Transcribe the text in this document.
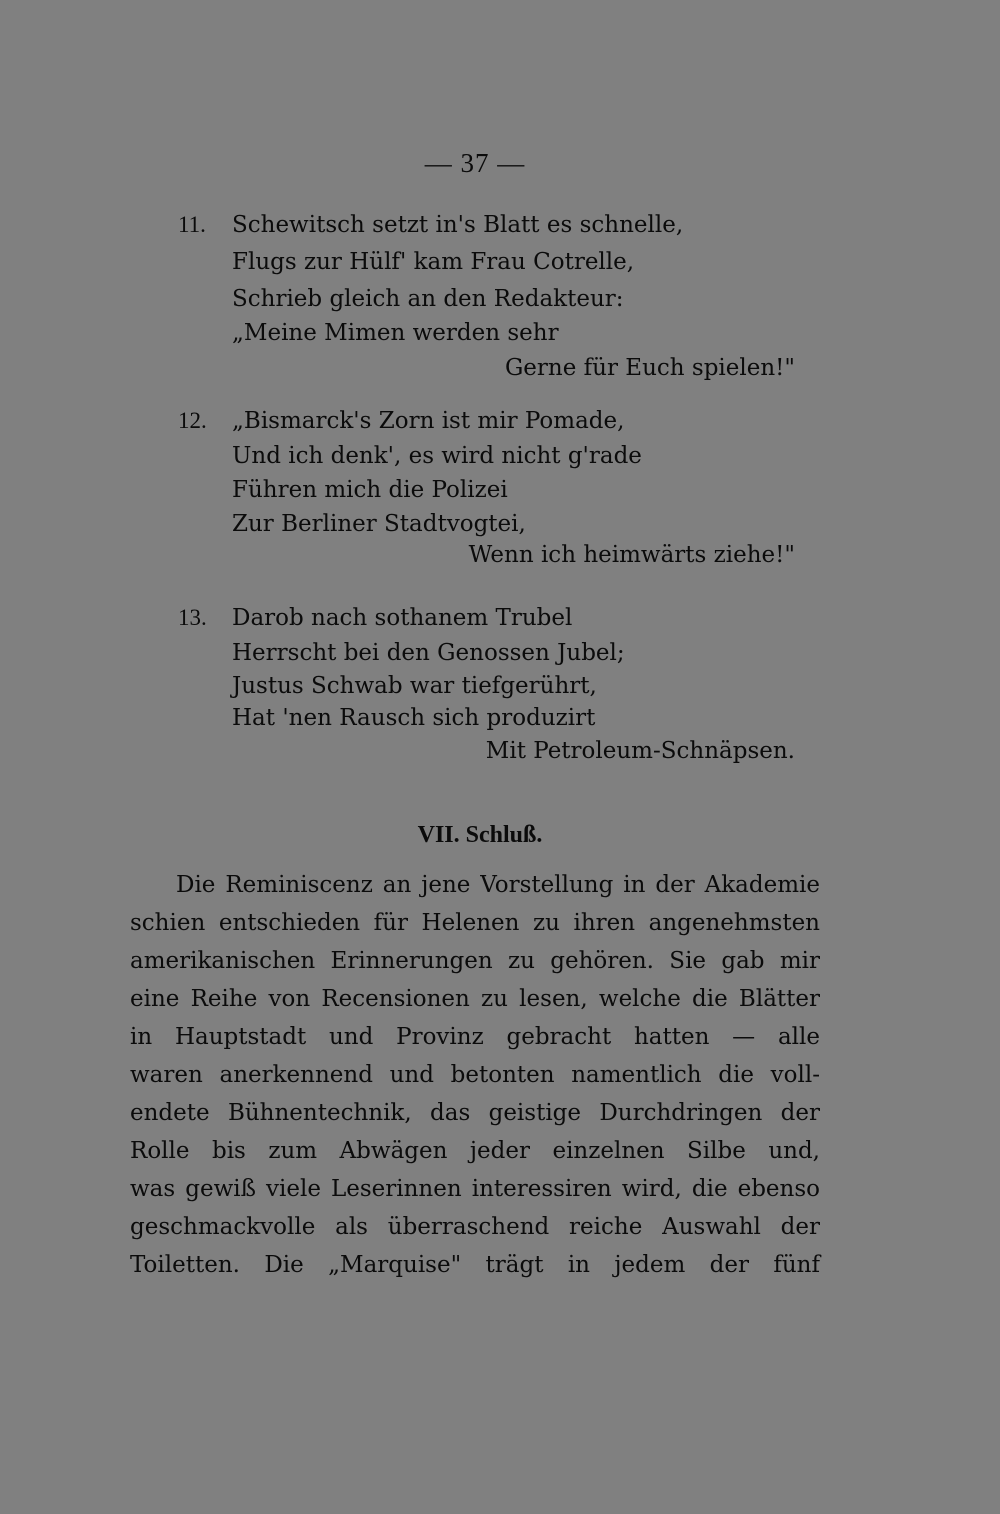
— 37 —
11. Schewitsch setzt in's Blatt es schnelle,
Flugs zur Hülf' kam Frau Cotrelle,
Schrieb gleich an den Redakteur:
„Meine Mimen werden sehr
Gerne für Euch spielen!"
12. „Bismarck's Zorn ist mir Pomade,
Und ich denk', es wird nicht g'rade
Führen mich die Polizei
Zur Berliner Stadtvogtei,
Wenn ich heimwärts ziehe!"
13. Darob nach sothanem Trubel
Herrscht bei den Genossen Jubel;
Justus Schwab war tiefgerührt,
Hat 'nen Rausch sich produzirt
Mit Petroleum-Schnäpsen.
VII. Schluß.
Die Reminiscenz an jene Vorstellung in der Akademie
schien entschieden für Helenen zu ihren angenehmsten
amerikanischen Erinnerungen zu gehören. Sie gab mir
eine Reihe von Recensionen zu lesen, welche die Blätter
in Hauptstadt und Provinz gebracht hatten — alle
waren anerkennend und betonten namentlich die voll-
endete Bühnentechnik, das geistige Durchdringen der
Rolle bis zum Abwägen jeder einzelnen Silbe und,
was gewiß viele Leserinnen interessiren wird, die ebenso
geschmackvolle als überraschend reiche Auswahl der
Toiletten. Die „Marquise" trägt in jedem der fünf
